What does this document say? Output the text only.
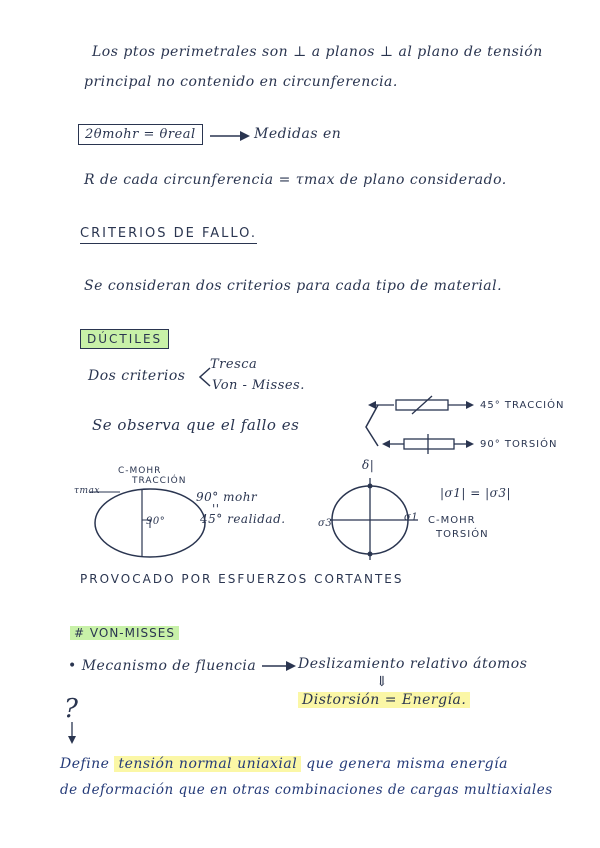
Los ptos perimetrales son ⊥ a planos ⊥ al plano de tensión
principal no contenido en circunferencia.
2θmohr = θreal	Medidas en
R de cada circunferencia = τmax de plano considerado.
CRITERIOS DE FALLO.
Se consideran dos criterios para cada tipo de material.
DÚCTILES
Dos criterios
Tresca
Von - Misses.
Se observa que el fallo es
45° TRACCIÓN
90° TORSIÓN
C-MOHR
TRACCIÓN
τmax
90°
90° mohr
''
45° realidad.
δ|
σ3
σ1
|σ1| = |σ3|
C-MOHR
TORSIÓN
PROVOCADO POR ESFUERZOS CORTANTES
# VON-MISSES
• Mecanismo de fluencia	Deslizamiento relativo átomos
⇓
Distorsión = Energía.
?
Define tensión normal uniaxial que genera misma energía
de deformación que en otras combinaciones de cargas multiaxiales
